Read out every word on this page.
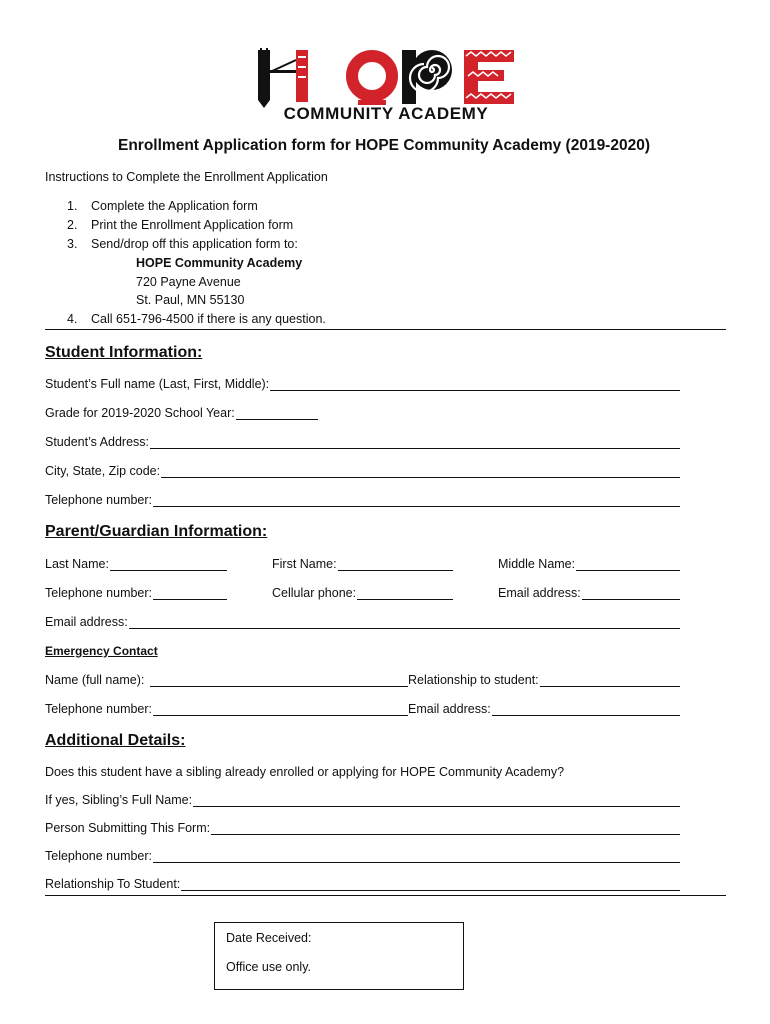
COMMUNITY ACADEMY
Enrollment Application form for HOPE Community Academy (2019-2020)
Instructions to Complete the Enrollment Application
1. Complete the Application form
2. Print the Enrollment Application form
3. Send/drop off this application form to:
HOPE Community Academy
720 Payne Avenue
St. Paul, MN 55130
4. Call 651-796-4500 if there is any question.
Student Information:
Student’s Full name (Last, First, Middle):
Grade for 2019-2020 School Year:
Student’s Address:
City, State, Zip code:
Telephone number:
Parent/Guardian Information:
Last Name:	First Name:	Middle Name:
Telephone number:	Cellular phone:	Email address:
Email address:
Emergency Contact
Name (full name):	Relationship to student:
Telephone number:	Email address:
Additional Details:
Does this student have a sibling already enrolled or applying for HOPE Community Academy?
If yes, Sibling’s Full Name:
Person Submitting This Form:
Telephone number:
Relationship To Student:
Date Received:
Office use only.
